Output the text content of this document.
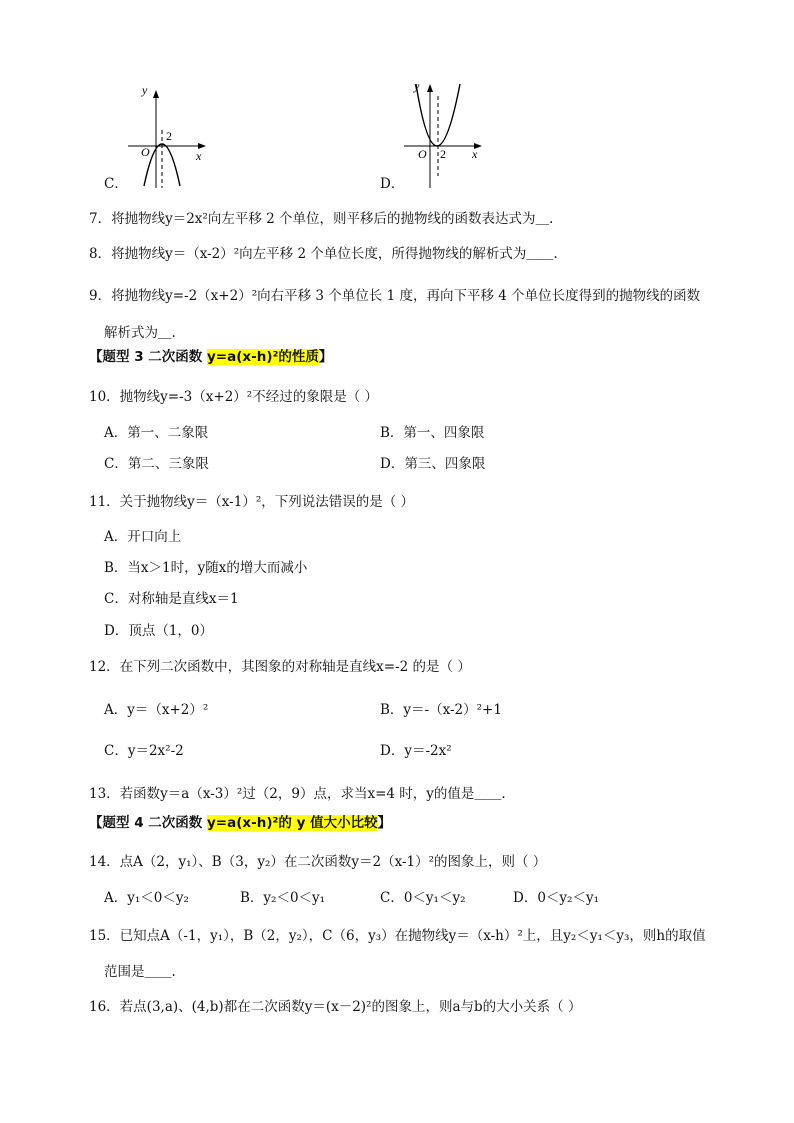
y
x
O
2
C．
y
x
O 2
D．
7．将抛物线y＝2x²向左平移 2 个单位，则平移后的抛物线的函数表达式为＿.
8．将抛物线y＝（x-2）²向左平移 2 个单位长度，所得抛物线的解析式为＿＿.
9．将抛物线y=-2（x+2）²向右平移 3 个单位长 1 度，再向下平移 4 个单位长度得到的抛物线的函数
解析式为＿.
【题型 3 二次函数 y=a(x-h)²的性质】
10．抛物线y=-3（x+2）²不经过的象限是（ ）
A．第一、二象限	B．第一、四象限
C．第二、三象限	D．第三、四象限
11．关于抛物线y＝（x-1）²，下列说法错误的是（ ）
A．开口向上
B．当x＞1时，y随x的增大而减小
C．对称轴是直线x＝1
D．顶点（1，0）
12．在下列二次函数中，其图象的对称轴是直线x=-2 的是（ ）
A．y＝（x+2）²	B．y＝-（x-2）²+1
C．y＝2x²-2	D．y＝-2x²
13．若函数y＝a（x-3）²过（2，9）点，求当x=4 时，y的值是＿＿.
【题型 4 二次函数 y=a(x-h)²的 y 值大小比较】
14．点A（2，y₁）、B（3，y₂）在二次函数y＝2（x-1）²的图象上，则（ ）
A．y₁＜0＜y₂	B．y₂＜0＜y₁	C．0＜y₁＜y₂	D．0＜y₂＜y₁
15．已知点A（-1，y₁），B（2，y₂），C（6，y₃）在抛物线y＝（x-h）²上，且y₂＜y₁＜y₃，则h的取值
范围是＿＿.
16．若点(3,a)、(4,b)都在二次函数y＝(x－2)²的图象上，则a与b的大小关系（ ）
